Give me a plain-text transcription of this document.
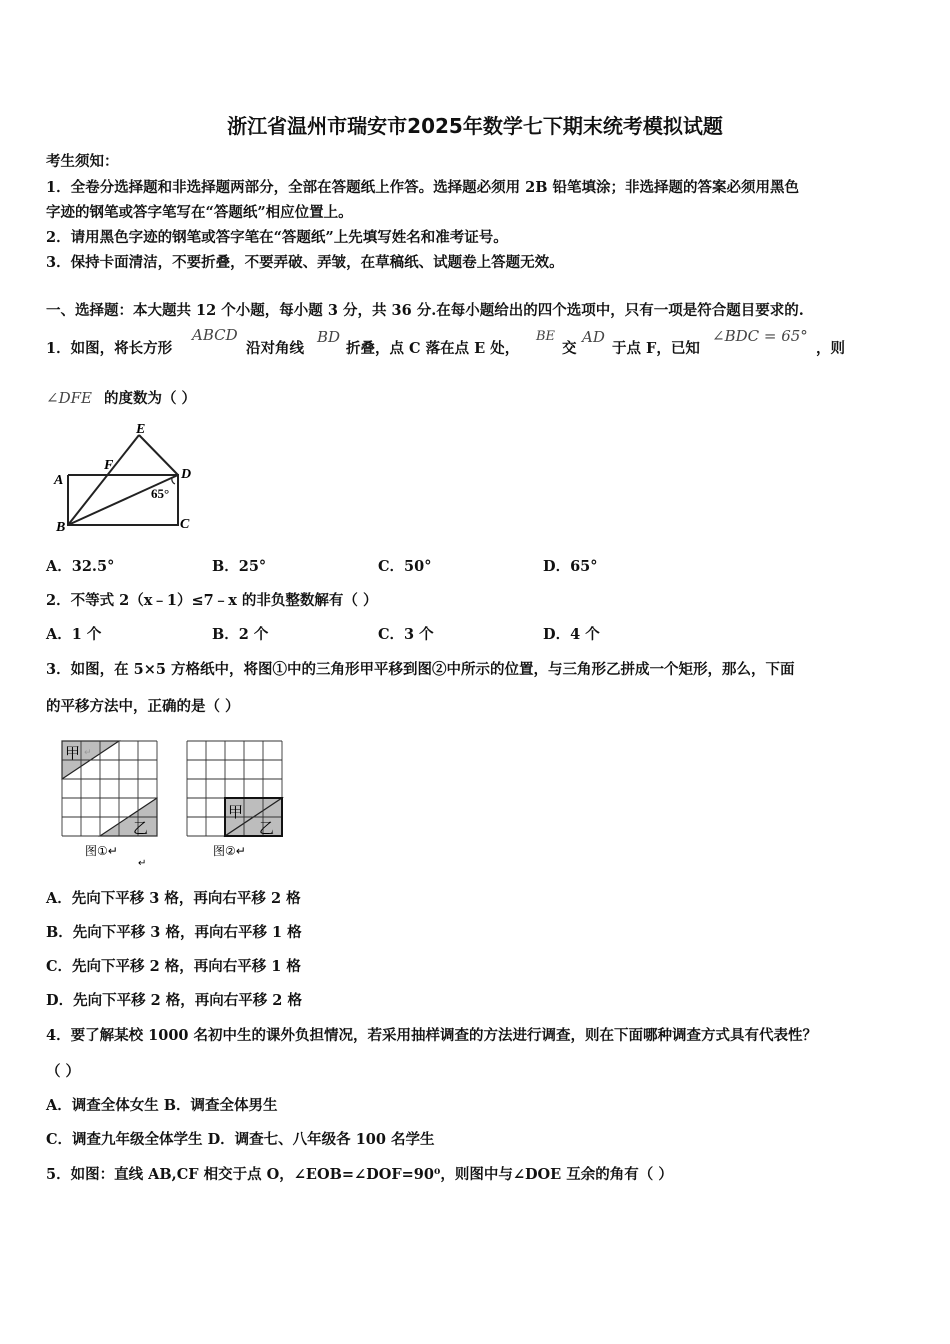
浙江省温州市瑞安市2025年数学七下期末统考模拟试题
考生须知：
1．全卷分选择题和非选择题两部分，全部在答题纸上作答。选择题必须用 2B 铅笔填涂；非选择题的答案必须用黑色
字迹的钢笔或答字笔写在“答题纸”相应位置上。
2．请用黑色字迹的钢笔或答字笔在“答题纸”上先填写姓名和准考证号。
3．保持卡面清洁，不要折叠，不要弄破、弄皱，在草稿纸、试题卷上答题无效。
一、选择题：本大题共 12 个小题，每小题 3 分，共 36 分.在每小题给出的四个选项中，只有一项是符合题目要求的.
1．如图，将长方形
ABCD
沿对角线
BD
折叠，点 C 落在点 E 处，
BE
交
AD
于点 F，已知
∠BDC = 65°
，则
∠DFE 的度数为（ ）
A
B	C
D
E
F
65°
A．32.5°	B．25°	C．50°	D．65°
2．不等式 2（x﹣1）≤7﹣x 的非负整数解有（ ）
A．1 个	B．2 个	C．3 个	D．4 个
3．如图，在 5×5 方格纸中，将图①中的三角形甲平移到图②中所示的位置，与三角形乙拼成一个矩形，那么，下面
的平移方法中，正确的是（ ）
甲
乙
甲
乙
图①↵
↵
图②↵
↵
A．先向下平移 3 格，再向右平移 2 格
B．先向下平移 3 格，再向右平移 1 格
C．先向下平移 2 格，再向右平移 1 格
D．先向下平移 2 格，再向右平移 2 格
4．要了解某校 1000 名初中生的课外负担情况，若采用抽样调查的方法进行调查，则在下面哪种调查方式具有代表性？
（ ）
A．调查全体女生 B．调查全体男生
C．调查九年级全体学生 D．调查七、八年级各 100 名学生
5．如图：直线 AB,CF 相交于点 O，∠EOB=∠DOF=90⁰，则图中与∠DOE 互余的角有（ ）
